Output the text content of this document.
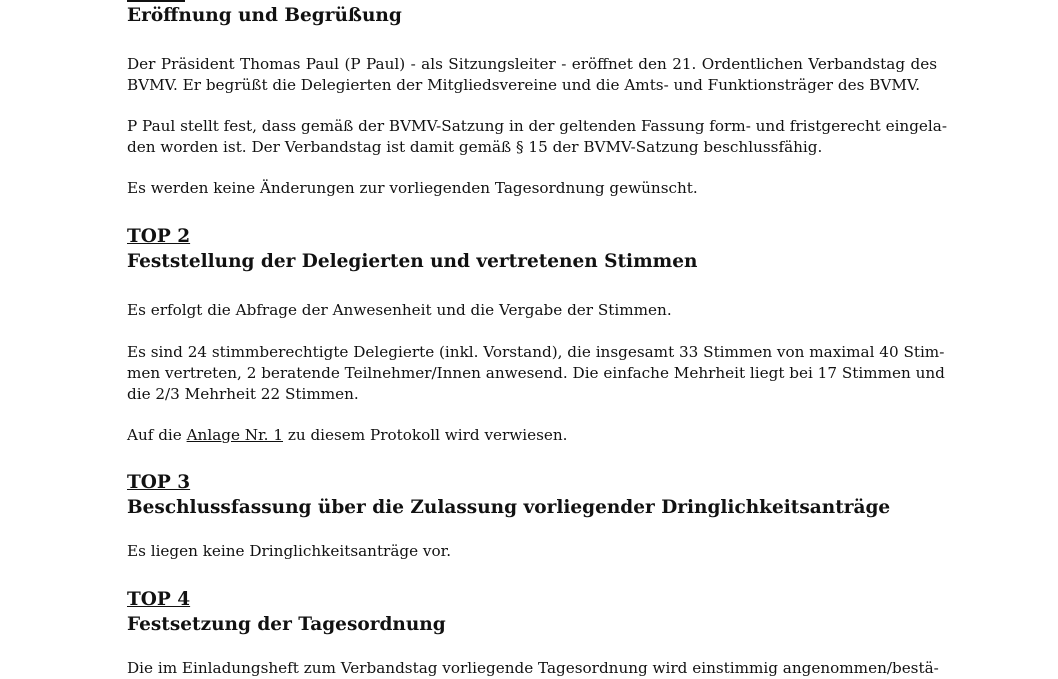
Eröffnung und Begrüßung
Der Präsident Thomas Paul (P Paul) - als Sitzungsleiter - eröffnet den 21. Ordentlichen Verbandstag des
BVMV. Er begrüßt die Delegierten der Mitgliedsvereine und die Amts- und Funktionsträger des BVMV.
P Paul stellt fest, dass gemäß der BVMV-Satzung in der geltenden Fassung form- und fristgerecht eingela-
den worden ist. Der Verbandstag ist damit gemäß § 15 der BVMV-Satzung beschlussfähig.
Es werden keine Änderungen zur vorliegenden Tagesordnung gewünscht.
TOP 2
Feststellung der Delegierten und vertretenen Stimmen
Es erfolgt die Abfrage der Anwesenheit und die Vergabe der Stimmen.
Es sind 24 stimmberechtigte Delegierte (inkl. Vorstand), die insgesamt 33 Stimmen von maximal 40 Stim-
men vertreten, 2 beratende Teilnehmer/Innen anwesend. Die einfache Mehrheit liegt bei 17 Stimmen und
die 2/3 Mehrheit 22 Stimmen.
Auf die Anlage Nr. 1 zu diesem Protokoll wird verwiesen.
TOP 3
Beschlussfassung über die Zulassung vorliegender Dringlichkeitsanträge
Es liegen keine Dringlichkeitsanträge vor.
TOP 4
Festsetzung der Tagesordnung
Die im Einladungsheft zum Verbandstag vorliegende Tagesordnung wird einstimmig angenommen/bestä-
